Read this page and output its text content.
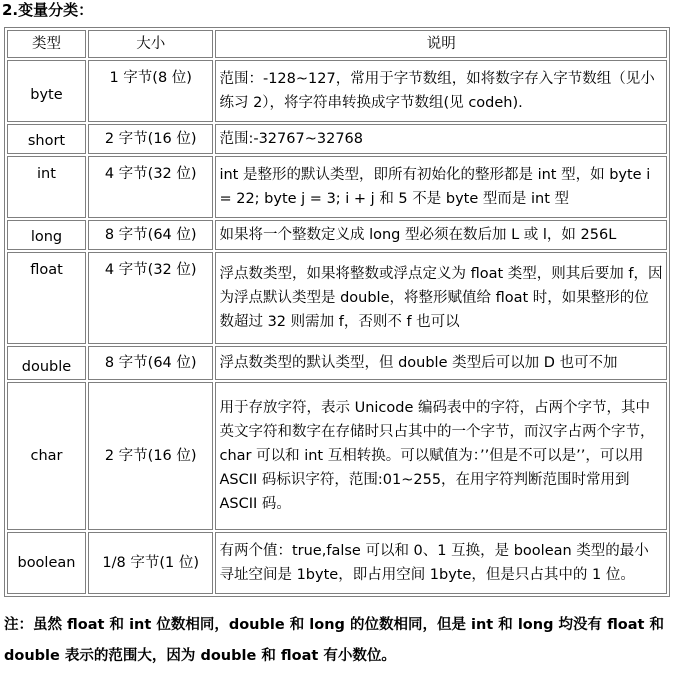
2.变量分类：
类型	大小	说明

byte	1 字节(8 位)	范围：-128~127，常用于字节数组，如将数字存入字节数组（见小练习 2），将字符串转换成字节数组(见 codeh).
short	2 字节(16 位)	范围:-32767~32768
int	4 字节(32 位)	int 是整形的默认类型，即所有初始化的整形都是 int 型，如 byte i = 22; byte j = 3; i + j 和 5 不是 byte 型而是 int 型
long	8 字节(64 位)	如果将一个整数定义成 long 型必须在数后加 L 或 l，如 256L
float	4 字节(32 位)	浮点数类型，如果将整数或浮点定义为 float 类型，则其后要加 f，因为浮点默认类型是 double，将整形赋值给 float 时，如果整形的位数超过 32 则需加 f，否则不 f 也可以
double	8 字节(64 位)	浮点数类型的默认类型，但 double 类型后可以加 D 也可不加
char	2 字节(16 位)	用于存放字符，表示 Unicode 编码表中的字符，占两个字节，其中英文字符和数字在存储时只占其中的一个字节，而汉字占两个字节，char 可以和 int 互相转换。可以赋值为：’’但是不可以是’’，可以用 ASCII 码标识字符，范围:01~255，在用字符判断范围时常用到 ASCII 码。
boolean	1/8 字节(1 位)	有两个值：true,false 可以和 0、1 互换，是 boolean 类型的最小寻址空间是 1byte，即占用空间 1byte，但是只占其中的 1 位。
注：虽然 float 和 int 位数相同，double 和 long 的位数相同，但是 int 和 long 均没有 float 和 double 表示的范围大，因为 double 和 float 有小数位。
